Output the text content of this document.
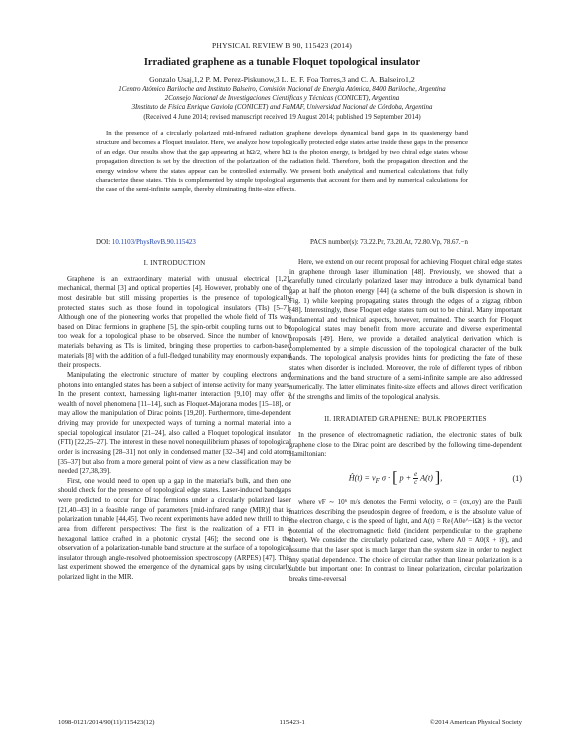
PHYSICAL REVIEW B 90, 115423 (2014)
Irradiated graphene as a tunable Floquet topological insulator
Gonzalo Usaj,1,2 P. M. Perez-Piskunow,3 L. E. F. Foa Torres,3 and C. A. Balseiro1,2
1Centro Atómico Bariloche and Instituto Balseiro, Comisión Nacional de Energía Atómica, 8400 Bariloche, Argentina
2Consejo Nacional de Investigaciones Científicas y Técnicas (CONICET), Argentina
3Instituto de Física Enrique Gaviola (CONICET) and FaMAF, Universidad Nacional de Córdoba, Argentina
(Received 4 June 2014; revised manuscript received 19 August 2014; published 19 September 2014)
In the presence of a circularly polarized mid-infrared radiation graphene develops dynamical band gaps in its quasienergy band structure and becomes a Floquet insulator. Here, we analyze how topologically protected edge states arise inside these gaps in the presence of an edge. Our results show that the gap appearing at ħΩ/2, where ħΩ is the photon energy, is bridged by two chiral edge states whose propagation direction is set by the direction of the polarization of the radiation field. Therefore, both the propagation direction and the energy window where the states appear can be controlled externally. We present both analytical and numerical calculations that fully characterize these states. This is complemented by simple topological arguments that account for them and by numerical calculations for the case of the semi-infinite sample, thereby eliminating finite-size effects.
DOI: 10.1103/PhysRevB.90.115423	PACS number(s): 73.22.Pr, 73.20.At, 72.80.Vp, 78.67.−n
I. INTRODUCTION

Graphene is an extraordinary material with unusual electrical [1,2], mechanical, thermal [3] and optical properties [4]. However, probably one of the most desirable but still missing properties is the presence of topologically protected states such as those found in topological insulators (TIs) [5–7]. Although one of the pioneering works that propelled the whole field of TIs was based on Dirac fermions in graphene [5], the spin-orbit coupling turns out to be too weak for a topological phase to be observed. Since the number of known materials behaving as TIs is limited, bringing these properties to carbon-based materials [8] with the addition of a full-fledged tunability may enormously expand their prospects.

Manipulating the electronic structure of matter by coupling electrons and photons into entangled states has been a subject of intense activity for many years. In the present context, harnessing light-matter interaction [9,10] may offer a wealth of novel phenomena [11–14], such as Floquet-Majorana modes [15–18], or may allow the manipulation of Dirac points [19,20]. Furthermore, time-dependent driving may provide for unexpected ways of turning a normal material into a special topological insulator [21–24], also called a Floquet topological insulator (FTI) [22,25–27]. The interest in these novel nonequilibrium phases of topological order is increasing [28–31] not only in condensed matter [32–34] and cold atoms [35–37] but also from a more general point of view as a new classification may be needed [27,38,39].

First, one would need to open up a gap in the material's bulk, and then one should check for the presence of topological edge states. Laser-induced bandgaps were predicted to occur for Dirac fermions under a circularly polarized laser [21,40–43] in a feasible range of parameters [mid-infrared range (MIR)] that is polarization tunable [44,45]. Two recent experiments have added new thrill to this area from different perspectives: The first is the realization of a FTI in a hexagonal lattice crafted in a photonic crystal [46]; the second one is the observation of a polarization-tunable band structure at the surface of a topological insulator through angle-resolved photoemission spectroscopy (ARPES) [47]. This last experiment showed the emergence of the dynamical gaps by using circularly polarized light in the MIR.

Here, we extend on our recent proposal for achieving Floquet chiral edge states in graphene through laser illumination [48]. Previously, we showed that a carefully tuned circularly polarized laser may introduce a bulk dynamical band gap at half the photon energy [44] (a scheme of the bulk dispersion is shown in Fig. 1) while keeping propagating states through the edges of a zigzag ribbon [48]. Interestingly, these Floquet edge states turn out to be chiral. Many important fundamental and technical aspects, however, remained. The search for Floquet topological states may benefit from more accurate and diverse experimental proposals [49]. Here, we provide a detailed analytical derivation which is complemented by a simple discussion of the topological character of the bulk bands. The topological analysis provides hints for predicting the fate of these states when disorder is included. Moreover, the role of different types of ribbon terminations and the band structure of a semi-infinite sample are also addressed numerically. The latter eliminates finite-size effects and allows direct verification of the strengths and limits of the topological analysis.

II. IRRADIATED GRAPHENE: BULK PROPERTIES

In the presence of electromagnetic radiation, the electronic states of bulk graphene close to the Dirac point are described by the following time-dependent Hamiltonian:

Ĥ(t) = $v_F$ σ · [ $p + \frac{e}{c} A(t)$ ],	(1)

where vF ∼ 10⁶ m/s denotes the Fermi velocity, σ = (σx,σy) are the Pauli matrices describing the pseudospin degree of freedom, e is the absolute value of the electron charge, c is the speed of light, and A(t) = Re{A0e^−iΩt} is the vector potential of the electromagnetic field (incident perpendicular to the graphene sheet). We consider the circularly polarized case, where A0 = A0(x̂ + iŷ), and assume that the laser spot is much larger than the system size in order to neglect any spatial dependence. The choice of circular rather than linear polarization is a subtle but important one: In contrast to linear polarization, circular polarization breaks time-reversal

1098-0121/2014/90(11)/115423(12)	115423-1	©2014 American Physical Society
